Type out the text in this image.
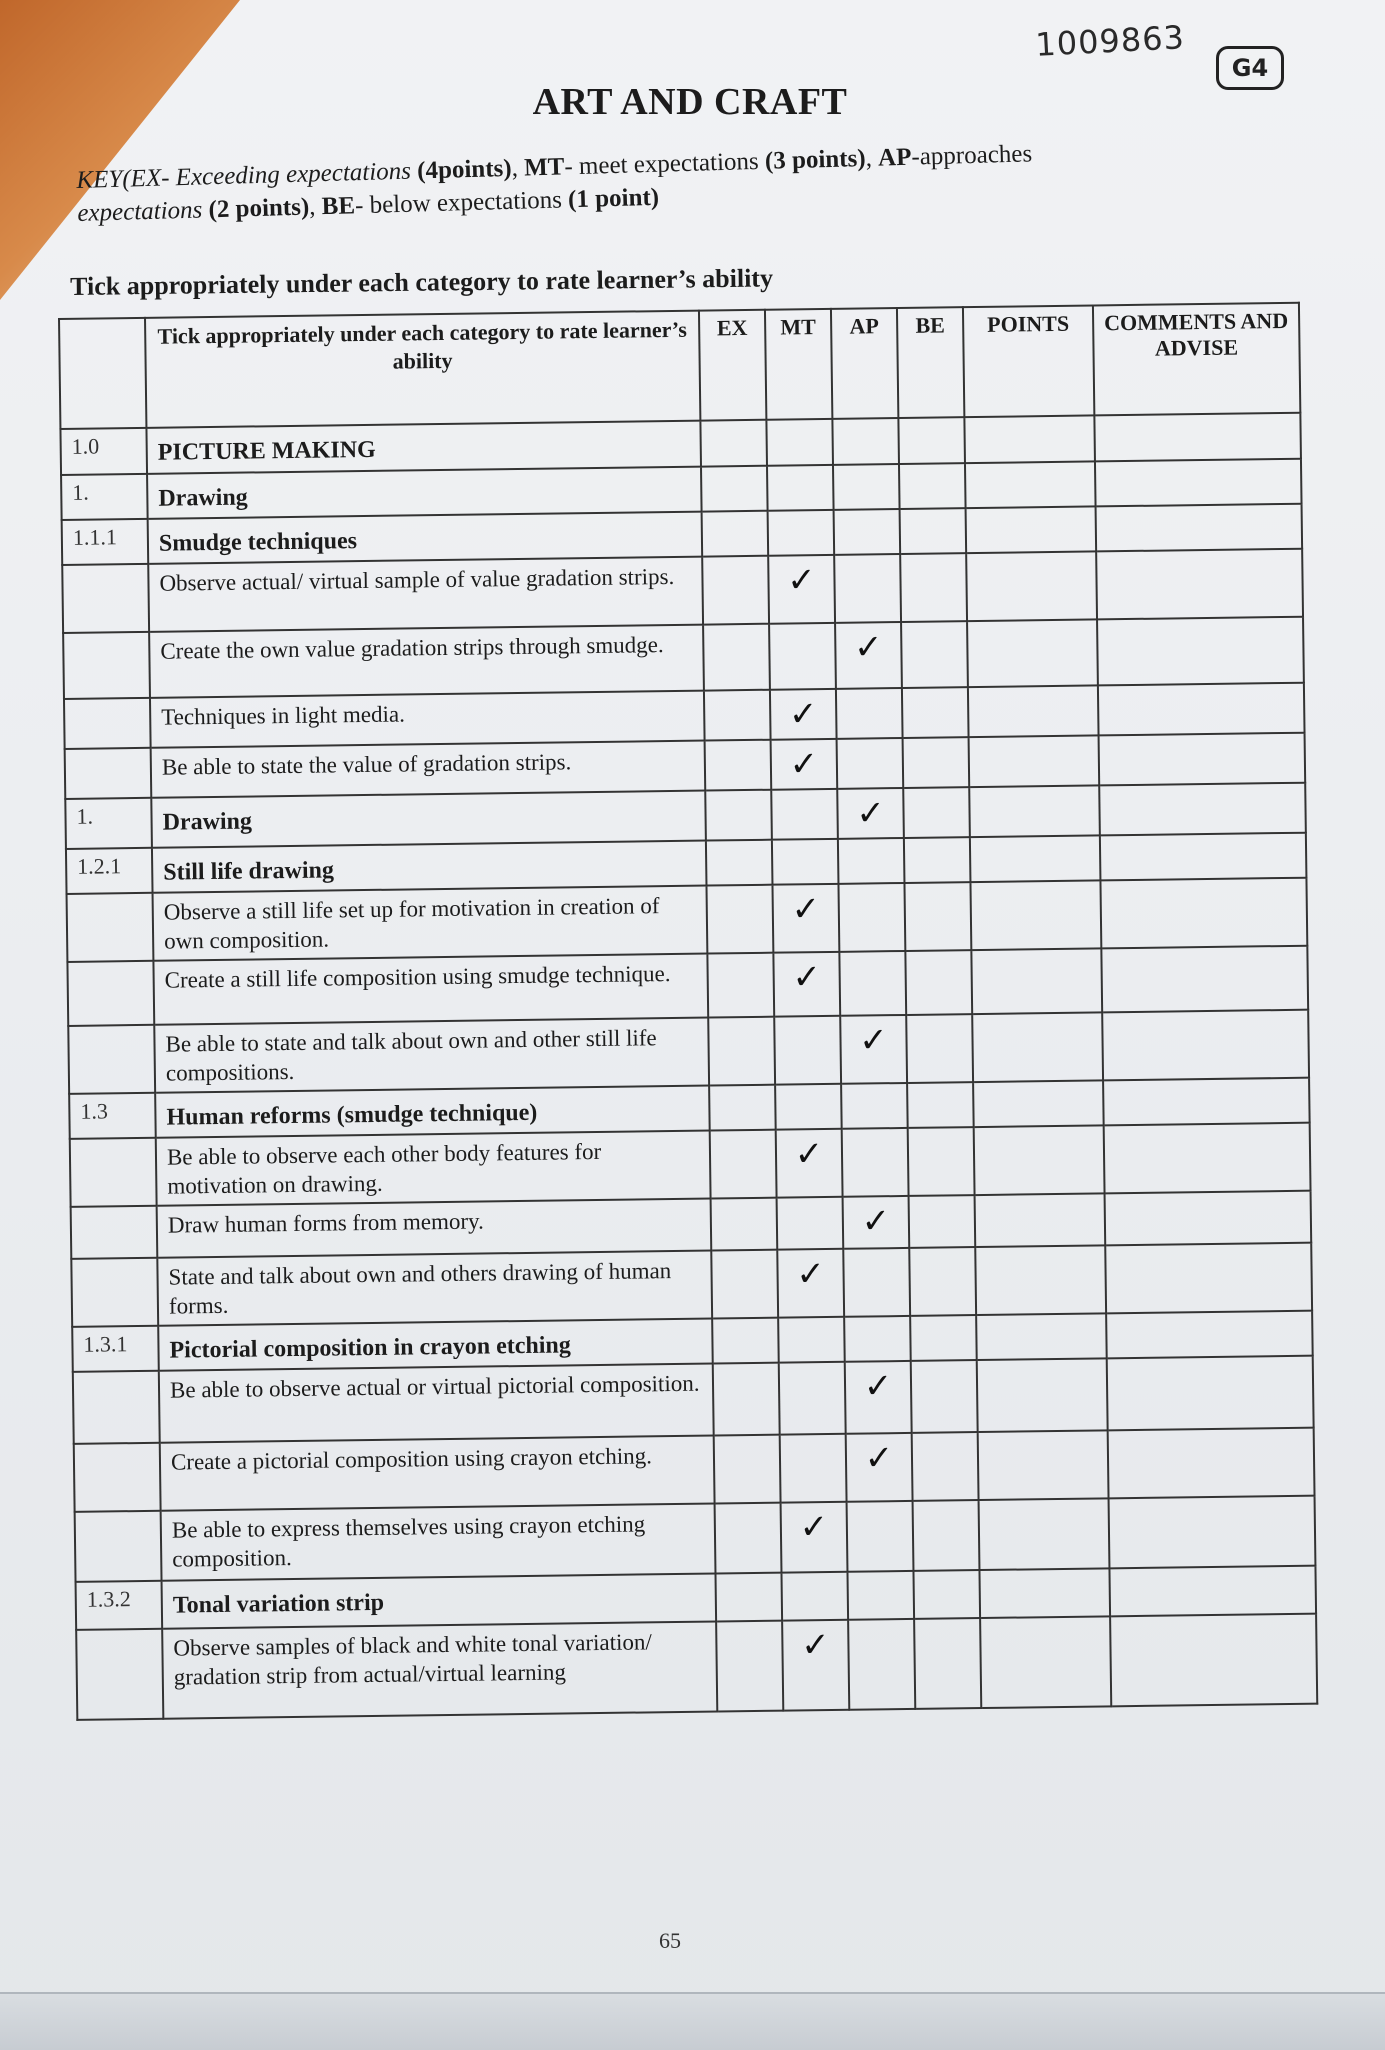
1009863
G4
ART AND CRAFT
KEY(EX- Exceeding expectations (4points), MT- meet expectations (3 points), AP-approaches
expectations (2 points), BE- below expectations (1 point)
Tick appropriately under each category to rate learner’s ability
	Tick appropriately under each category to rate learner’s ability	EX	MT	AP	BE	POINTS	COMMENTS AND ADVISE
1.0	PICTURE MAKING						
1.	Drawing						
1.1.1	Smudge techniques						
	Observe actual/ virtual sample of value gradation strips.		✓				
	Create the own value gradation strips through smudge.			✓			
	Techniques in light media.		✓				
	Be able to state the value of gradation strips.		✓				
1.	Drawing			✓			
1.2.1	Still life drawing						
	Observe a still life set up for motivation in creation of own composition.		✓				
	Create a still life composition using smudge technique.		✓				
	Be able to state and talk about own and other still life compositions.			✓			
1.3	Human reforms (smudge technique)						
	Be able to observe each other body features for motivation on drawing.		✓				
	Draw human forms from memory.			✓			
	State and talk about own and others drawing of human forms.		✓				
1.3.1	Pictorial composition in crayon etching						
	Be able to observe actual or virtual pictorial composition.			✓			
	Create a pictorial composition using crayon etching.			✓			
	Be able to express themselves using crayon etching composition.		✓				
1.3.2	Tonal variation strip						
	Observe samples of black and white tonal variation/ gradation strip from actual/virtual learning		✓				
65
